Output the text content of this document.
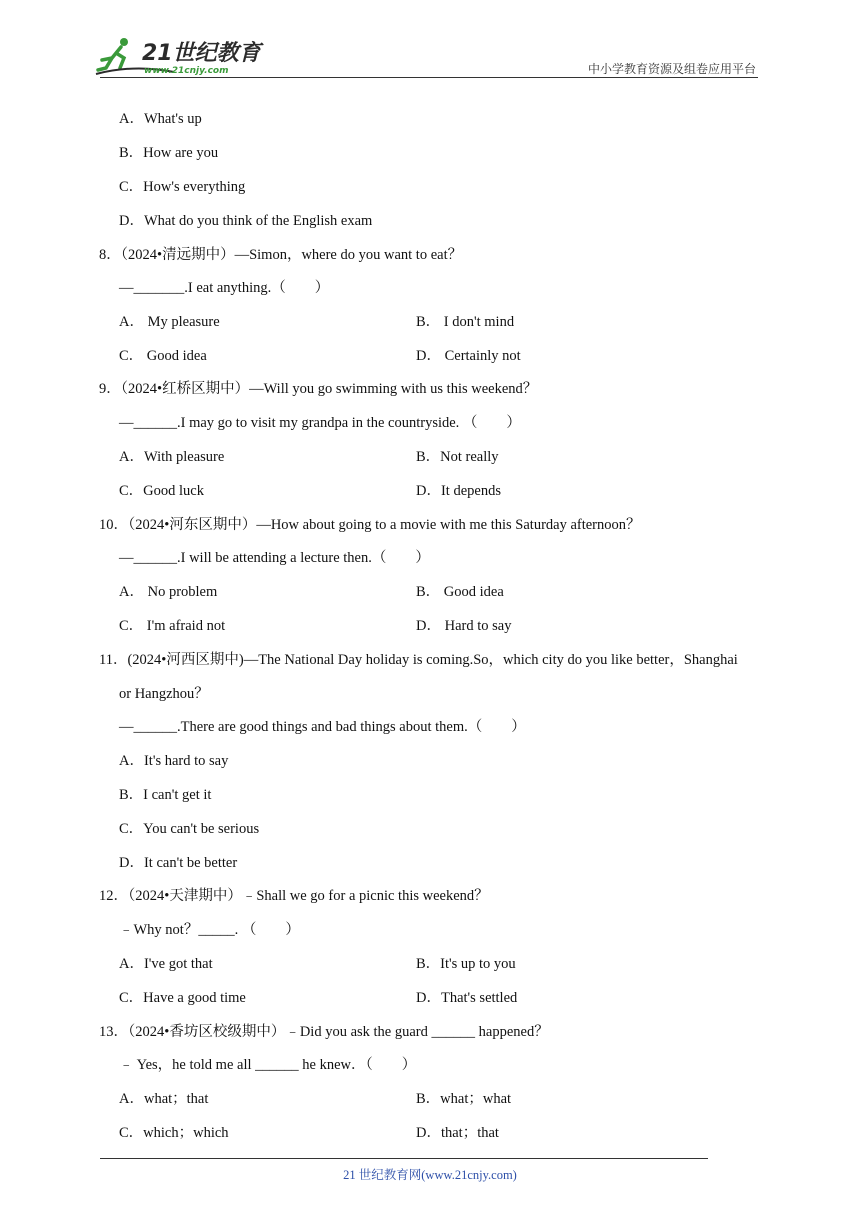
21世纪教育
www.21cnjy.com	中小学教育资源及组卷应用平台
A．What's up
B．How are you
C．How's everything
D．What do you think of the English exam
8．（2024•清远期中）—Simon，where do you want to eat？
—_______.I eat anything.（　　）
A． My pleasure	B． I don't mind
C． Good idea	D． Certainly not
9．（2024•红桥区期中）—Will you go swimming with us this weekend？
—______.I may go to visit my grandpa in the countryside. （　　）
A．With pleasure	B．Not really
C．Good luck	D．It depends
10．（2024•河东区期中）—How about going to a movie with me this Saturday afternoon？
—______.I will be attending a lecture then.（　　）
A． No problem	B． Good idea
C． I'm afraid not	D． Hard to say
11．(2024•河西区期中)—The National Day holiday is coming.So，which city do you like better，Shanghai
or Hangzhou？
—______.There are good things and bad things about them.（　　）
A．It's hard to say
B．I can't get it
C．You can't be serious
D．It can't be better
12．（2024•天津期中）﹣Shall we go for a picnic this weekend？
﹣Why not？_____. （　　）
A．I've got that	B．It's up to you
C．Have a good time	D．That's settled
13．（2024•香坊区校级期中）﹣Did you ask the guard ______ happened？
﹣ Yes，he told me all ______ he knew．（　　）
A．what；that	B．what；what
C．which；which	D．that；that
21 世纪教育网(www.21cnjy.com)
